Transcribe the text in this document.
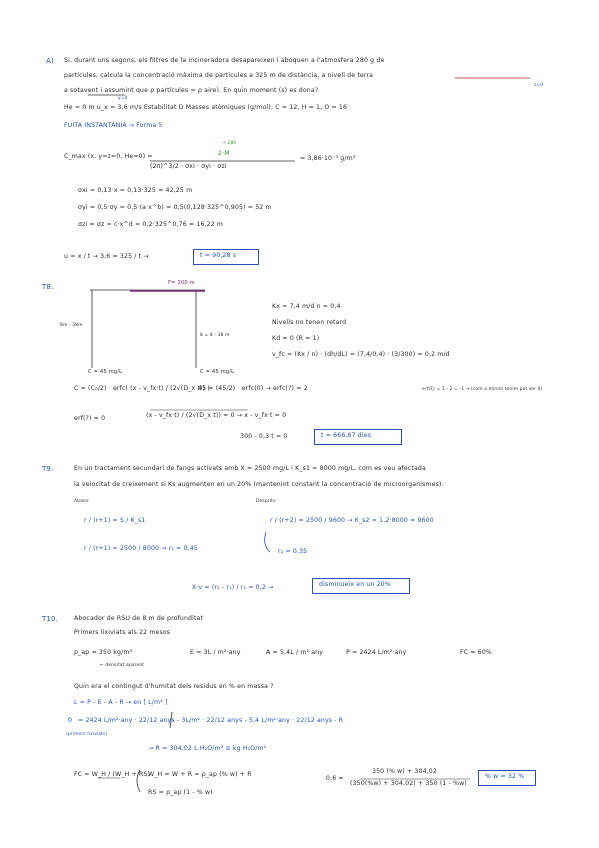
A) Si, durant uns segons, els filtres de la incineradora desapareixen i aboquen a l'atmosfera 280 g de
partícules, calcula la concentració màxima de partícules a 325 m de distància, a nivell de terra
a sotavent i assumint que ρ partícules = ρ aire). En quin moment (s) es dona?
z=0
y=0
He = 0 m u_x = 3,6 m/s Estabilitat D Masses atòmiques (g/mol): C = 12, H = 1, O = 16
FUITA INSTANTÀNIA → Forma 5
→ 280
C_max (x, y=z=0, He=0) =	2·M
(2π)^3/2 · σxi · σyi · σzi
= 3,86·10⁻³ g/m³
σxi = 0,13·x = 0,13·325 = 42,25 m
σyi = 0,5·σy = 0,5·(a·x^b) = 0,5(0,128·325^0,905) = 52 m
σzi = σz = c·x^d = 0,2·325^0,76 = 16,22 m
u = x / t → 3,6 = 325 / t →	t = 90,28 s
T8.	F= 300 m
8m - 38m
8 = 8 - 38 m
C = 45 mg/L	C = 45 mg/L
Kx = 7,4 m/d n = 0,4
Nivells no tenen retard
Kd = 0 (R = 1)
v_fc = (Kx / n) · (dh/dL) = (7,4/0,4) · (3/300) = 0,2 m/d
C = (C₀/2) · erfc( (x - v_fx·t) / (2√(D_x t)) )
45 = (45/2) · erfc(0) → erfc(?) = 2	erf(ξ) = 1 - 2 = -1 → (com a mínim tenim pot ser 0)
erf(?) = 0	(x - v_fx·t) / (2√(D_x t)) = 0 → x - v_fx·t = 0
300 - 0,3·t = 0	t = 666,67 dies
T9.	En un tractament secundari de fangs activats amb X = 2500 mg/L i K_s1 = 8000 mg/L, com es veu afectada
la velocitat de creixement si Ks augmenten en un 20% (mantenint constant la concentració de microorganismes).
Abans:	Després:
r / (r+1) = S / K_s1
r / (r+1) = 2500 / 8000 → r₁ = 0,45
r / (r+2) = 2500 / 9600 → K_s2 = 1,2·8000 = 9600
r₂ = 0,35
X·v = (r₂ - r₁) / r₁ = 0,2 →	disminueix en un 20%
T10.	Abocador de RSU de 8 m de profunditat
Primers lixiviats als 22 mesos
ρ_ap = 350 kg/m³
← densitat aparent
E = 3L / m²·any	A = 5,4L / m²·any	P = 2424 L/m²·any	FC = 60%
Quin era el contingut d'humitat dels residus en % en massa ?
L = P - E - A - R → en [ L/m² ]
0 = 2424 L/m²·any · 22/12 anys - 3L/m² · 22/12 anys - 5,4 L/m²·any · 22/12 anys - R
(primers lixiviats)
→ R = 304,02 L H₂O/m² ≡ kg H₂O/m²
FC = W_H / (W_H + RS)
W_H = W + R = ρ_ap (% w) + R
RS = ρ_ap (1 - % w)
0,6 =
350 (% w) + 304,02
(350(%w) + 304,02) + 350 (1 - %w)
% w = 32 %
